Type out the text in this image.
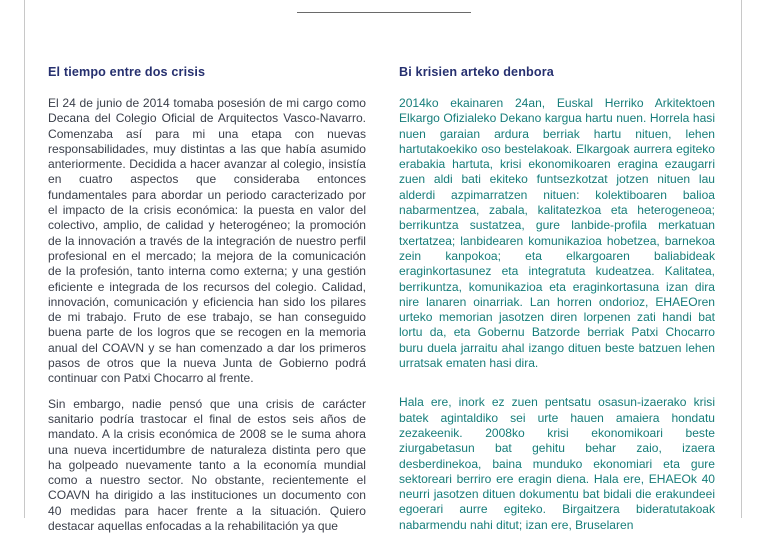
El tiempo entre dos crisis

El 24 de junio de 2014 tomaba posesión de mi cargo como Decana del Colegio Oficial de Arquitectos Vasco-Navarro. Comenzaba así para mi una etapa con nuevas responsabilidades, muy distintas a las que había asumido anteriormente. Decidida a hacer avanzar al colegio, insistía en cuatro aspectos que consideraba entonces fundamentales para abordar un periodo caracterizado por el impacto de la crisis económica: la puesta en valor del colectivo, amplio, de calidad y heterogéneo; la promoción de la innovación a través de la integración de nuestro perfil profesional en el mercado; la mejora de la comunicación de la profesión, tanto interna como externa; y una gestión eficiente e integrada de los recursos del colegio. Calidad, innovación, comunicación y eficiencia han sido los pilares de mi trabajo. Fruto de ese trabajo, se han conseguido buena parte de los logros que se recogen en la memoria anual del COAVN y se han comenzado a dar los primeros pasos de otros que la nueva Junta de Gobierno podrá continuar con Patxi Chocarro al frente.

Sin embargo, nadie pensó que una crisis de carácter sanitario podría trastocar el final de estos seis años de mandato. A la crisis económica de 2008 se le suma ahora una nueva incertidumbre de naturaleza distinta pero que ha golpeado nuevamente tanto a la economía mundial como a nuestro sector. No obstante, recientemente el COAVN ha dirigido a las instituciones un documento con 40 medidas para hacer frente a la situación. Quiero destacar aquellas enfocadas a la rehabilitación ya que

Bi krisien arteko denbora

2014ko ekainaren 24an, Euskal Herriko Arkitektoen Elkargo Ofizialeko Dekano kargua hartu nuen. Horrela hasi nuen garaian ardura berriak hartu nituen, lehen hartutakoekiko oso bestelakoak. Elkargoak aurrera egiteko erabakia hartuta, krisi ekonomikoaren eragina ezaugarri zuen aldi bati ekiteko funtsezkotzat jotzen nituen lau alderdi azpimarratzen nituen: kolektiboaren balioa nabarmentzea, zabala, kalitatezkoa eta heterogeneoa; berrikuntza sustatzea, gure lanbide-profila merkatuan txertatzea; lanbidearen komunikazioa hobetzea, barnekoa zein kanpokoa; eta elkargoaren baliabideak eraginkortasunez eta integratuta kudeatzea. Kalitatea, berrikuntza, komunikazioa eta eraginkortasuna izan dira nire lanaren oinarriak. Lan horren ondorioz, EHAEOren urteko memorian jasotzen diren lorpenen zati handi bat lortu da, eta Gobernu Batzorde berriak Patxi Chocarro buru duela jarraitu ahal izango dituen beste batzuen lehen urratsak ematen hasi dira.

Hala ere, inork ez zuen pentsatu osasun-izaerako krisi batek agintaldiko sei urte hauen amaiera hondatu zezakeenik. 2008ko krisi ekonomikoari beste ziurgabetasun bat gehitu behar zaio, izaera desberdinekoa, baina munduko ekonomiari eta gure sektoreari berriro ere eragin diena. Hala ere, EHAEOk 40 neurri jasotzen dituen dokumentu bat bidali die erakundeei egoerari aurre egiteko. Birgaitzera bideratutakoak nabarmendu nahi ditut; izan ere, Bruselaren
